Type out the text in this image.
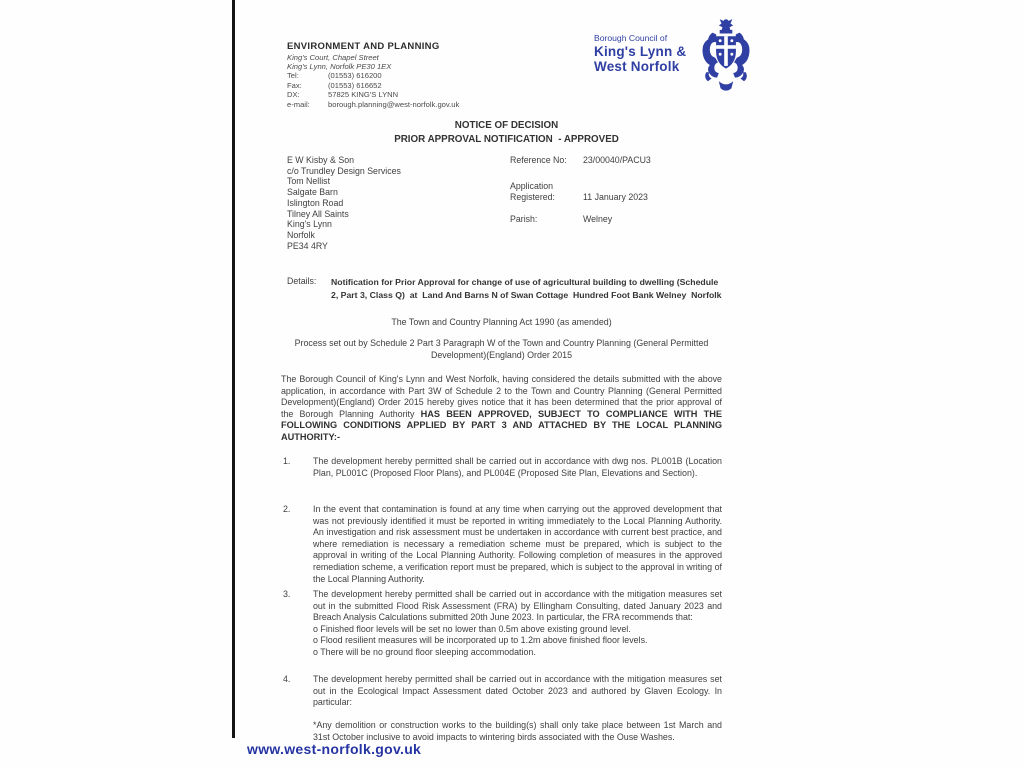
ENVIRONMENT AND PLANNING
King's Court, Chapel Street
King's Lynn, Norfolk PE30 1EX
Tel:	(01553) 616200
Fax:	(01553) 616652
DX:	57825 KING'S LYNN
e-mail: borough.planning@west-norfolk.gov.uk
Borough Council of
King's Lynn &
West Norfolk
NOTICE OF DECISION
PRIOR APPROVAL NOTIFICATION  - APPROVED
E W Kisby & Son
c/o Trundley Design Services
Tom Nellist
Salgate Barn
Islington Road
Tilney All Saints
King's Lynn
Norfolk
PE34 4RY
Reference No: 23/00040/PACU3
Application
Registered:	11 January 2023
Parish:	Welney
Details: Notification for Prior Approval for change of use of agricultural building to dwelling (Schedule 2, Part 3, Class Q)  at  Land And Barns N of Swan Cottage  Hundred Foot Bank Welney  Norfolk
The Town and Country Planning Act 1990 (as amended)
Process set out by Schedule 2 Part 3 Paragraph W of the Town and Country Planning (General Permitted Development)(England) Order 2015
The Borough Council of King's Lynn and West Norfolk, having considered the details submitted with the above application, in accordance with Part 3W of Schedule 2 to the Town and Country Planning (General Permitted Development)(England) Order 2015 hereby gives notice that it has been determined that the prior approval of the Borough Planning Authority HAS BEEN APPROVED, SUBJECT TO COMPLIANCE WITH THE FOLLOWING CONDITIONS APPLIED BY PART 3 AND ATTACHED BY THE LOCAL PLANNING AUTHORITY:-
1.	The development hereby permitted shall be carried out in accordance with dwg nos. PL001B (Location Plan, PL001C (Proposed Floor Plans), and PL004E (Proposed Site Plan, Elevations and Section).
2.	In the event that contamination is found at any time when carrying out the approved development that was not previously identified it must be reported in writing immediately to the Local Planning Authority. An investigation and risk assessment must be undertaken in accordance with current best practice, and where remediation is necessary a remediation scheme must be prepared, which is subject to the approval in writing of the Local Planning Authority. Following completion of measures in the approved remediation scheme, a verification report must be prepared, which is subject to the approval in writing of the Local Planning Authority.
3.	The development hereby permitted shall be carried out in accordance with the mitigation measures set out in the submitted Flood Risk Assessment (FRA) by Ellingham Consulting, dated January 2023 and Breach Analysis Calculations submitted 20th June 2023. In particular, the FRA recommends that:
o Finished floor levels will be set no lower than 0.5m above existing ground level.
o Flood resilient measures will be incorporated up to 1.2m above finished floor levels.
o There will be no ground floor sleeping accommodation.
4.	The development hereby permitted shall be carried out in accordance with the mitigation measures set out in the Ecological Impact Assessment dated October 2023 and authored by Glaven Ecology. In particular:
*Any demolition or construction works to the building(s) shall only take place between 1st March and 31st October inclusive to avoid impacts to wintering birds associated with the Ouse Washes.
www.west-norfolk.gov.uk
